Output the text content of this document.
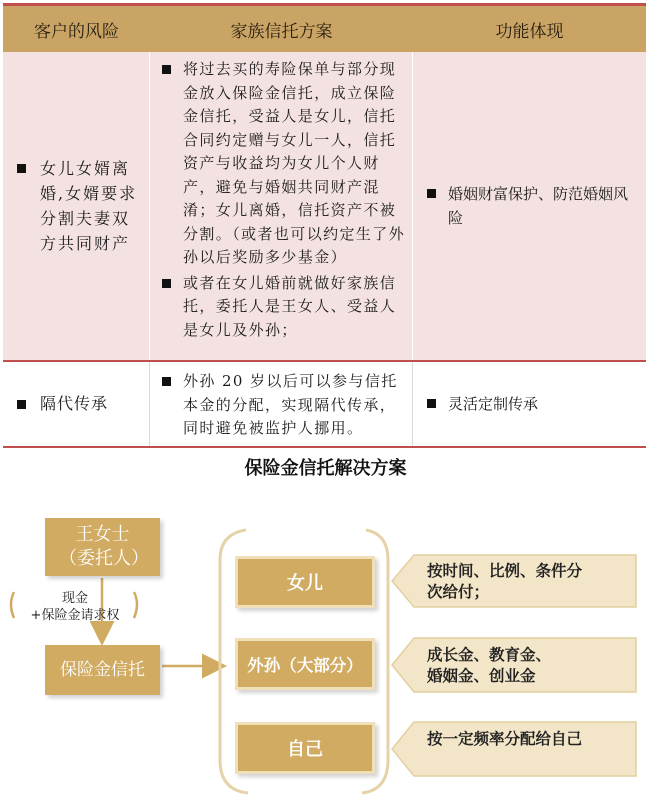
客户的风险	家族信托方案	功能体现
女儿女婿离婚,女婿要求分割夫妻双方共同财产
将过去买的寿险保单与部分现金放入保险金信托，成立保险金信托，受益人是女儿，信托合同约定赠与女儿一人，信托资产与收益均为女儿个人财产，避免与婚姻共同财产混淆；女儿离婚，信托资产不被分割。（或者也可以约定生了外孙以后奖励多少基金）
或者在女儿婚前就做好家族信托，委托人是王女人、受益人是女儿及外孙；
婚姻财富保护、防范婚姻风险
隔代传承
外孙 20 岁以后可以参与信托本金的分配，实现隔代传承，同时避免被监护人挪用。
灵活定制传承
保险金信托解决方案
王女士（委托人）
现金
+保险金请求权
保险金信托
女儿
外孙（大部分）
自己
按时间、比例、条件分次给付；
成长金、教育金、婚姻金、创业金
按一定频率分配给自己
